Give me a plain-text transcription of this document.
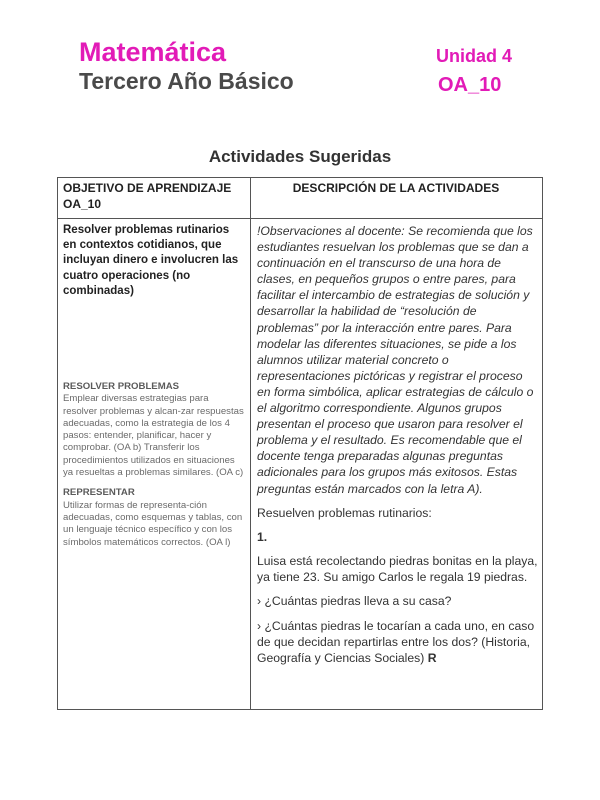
Matemática
Tercero Año Básico
Unidad 4
OA_10
Actividades Sugeridas
OBJETIVO DE APRENDIZAJE OA_10
DESCRIPCIÓN DE LA ACTIVIDADES
Resolver problemas rutinarios en contextos cotidianos, que incluyan dinero e involucren las cuatro operaciones (no combinadas)
RESOLVER PROBLEMAS
Emplear diversas estrategias para resolver problemas y alcan-zar respuestas adecuadas, como la estrategia de los 4 pasos: entender, planificar, hacer y comprobar. (OA b) Transferir los procedimientos utilizados en situaciones ya resueltas a problemas similares. (OA c)
REPRESENTAR
Utilizar formas de representa-ción adecuadas, como esquemas y tablas, con un lenguaje técnico específico y con los símbolos matemáticos correctos. (OA l)

!Observaciones al docente: Se recomienda que los estudiantes resuelvan los problemas que se dan a continuación en el transcurso de una hora de clases, en pequeños grupos o entre pares, para facilitar el intercambio de estrategias de solución y desarrollar la habilidad de “resolución de problemas” por la interacción entre pares. Para modelar las diferentes situaciones, se pide a los alumnos utilizar material concreto o representaciones pictóricas y registrar el proceso en forma simbólica, aplicar estrategias de cálculo o el algoritmo correspondiente. Algunos grupos presentan el proceso que usaron para resolver el problema y el resultado. Es recomendable que el docente tenga preparadas algunas preguntas adicionales para los grupos más exitosos. Estas preguntas están marcados con la letra A).

Resuelven problemas rutinarios:

1.

Luisa está recolectando piedras bonitas en la playa, ya tiene 23. Su amigo Carlos le regala 19 piedras.

› ¿Cuántas piedras lleva a su casa?

› ¿Cuántas piedras le tocarían a cada uno, en caso de que decidan repartirlas entre los dos? (Historia, Geografía y Ciencias Sociales) R
